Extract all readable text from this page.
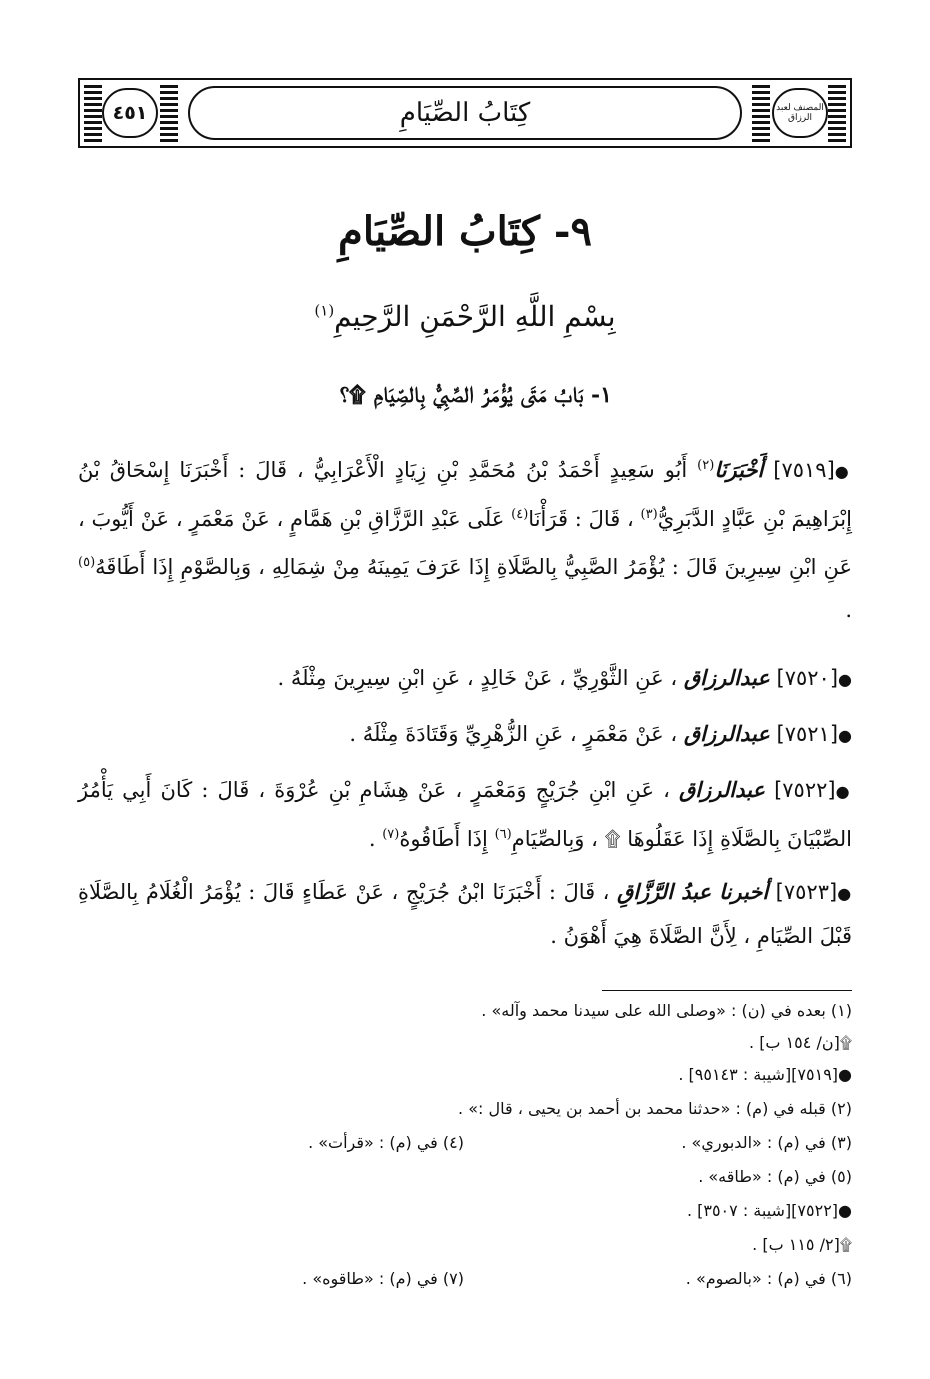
٤٥١	كِتَابُ الصِّيَامِ	المصنف لعبد الرزاق
٩- كِتَابُ الصِّيَامِ
بِسْمِ اللَّهِ الرَّحْمَنِ الرَّحِيمِ$^{(١)}$
١- بَابُ مَتَى يُؤْمَرُ الصَّبِيُّ بِالصِّيَامِ ۩؟
●[٧٥١٩] أَخْبَرَنَا$^{(٢)}$ أَبُو سَعِيدٍ أَحْمَدُ بْنُ مُحَمَّدِ بْنِ زِيَادٍ الْأَعْرَابِيُّ ، قَالَ : أَخْبَرَنَا إِسْحَاقُ بْنُ إِبْرَاهِيمَ بْنِ عَبَّادٍ الدَّبَرِيُّ$^{(٣)}$ ، قَالَ : قَرَأْنَا$^{(٤)}$ عَلَى عَبْدِ الرَّزَّاقِ بْنِ هَمَّامٍ ، عَنْ مَعْمَرٍ ، عَنْ أَيُّوبَ ، عَنِ ابْنِ سِيرِينَ قَالَ : يُؤْمَرُ الصَّبِيُّ بِالصَّلَاةِ إِذَا عَرَفَ يَمِينَهُ مِنْ شِمَالِهِ ، وَبِالصَّوْمِ إِذَا أَطَاقَهُ$^{(٥)}$ .
●[٧٥٢٠] عبدالرزاق ، عَنِ الثَّوْرِيِّ ، عَنْ خَالِدٍ ، عَنِ ابْنِ سِيرِينَ مِثْلَهُ .
●[٧٥٢١] عبدالرزاق ، عَنْ مَعْمَرٍ ، عَنِ الزُّهْرِيِّ وَقَتَادَةَ مِثْلَهُ .
●[٧٥٢٢] عبدالرزاق ، عَنِ ابْنِ جُرَيْجٍ وَمَعْمَرٍ ، عَنْ هِشَامِ بْنِ عُرْوَةَ ، قَالَ : كَانَ أَبِي يَأْمُرُ الصِّبْيَانَ بِالصَّلَاةِ إِذَا عَقَلُوهَا ۩ ، وَبِالصِّيَامِ$^{(٦)}$ إِذَا أَطَاقُوهُ$^{(٧)}$ .
●[٧٥٢٣] أخبرنا عبدُ الرَّزَّاقِ ، قَالَ : أَخْبَرَنَا ابْنُ جُرَيْجٍ ، عَنْ عَطَاءٍ قَالَ : يُؤْمَرُ الْغُلَامُ بِالصَّلَاةِ قَبْلَ الصِّيَامِ ، لِأَنَّ الصَّلَاةَ هِيَ أَهْوَنُ .
(١) بعده في (ن) : «وصلى الله على سيدنا محمد وآله» .
۩[ن/ ١٥٤ ب] .
●[٧٥١٩][شيبة : ٩٥١٤٣] .
(٢) قبله في (م) : «حدثنا محمد بن أحمد بن يحيى ، قال :» .
(٣) في (م) : «الدبوري» .
(٤) في (م) : «قرأت» .
(٥) في (م) : «طاقه» .
●[٧٥٢٢][شيبة : ٣٥٠٧] .
۩[٢/ ١١٥ ب] .
(٦) في (م) : «بالصوم» .
(٧) في (م) : «طاقوه» .
